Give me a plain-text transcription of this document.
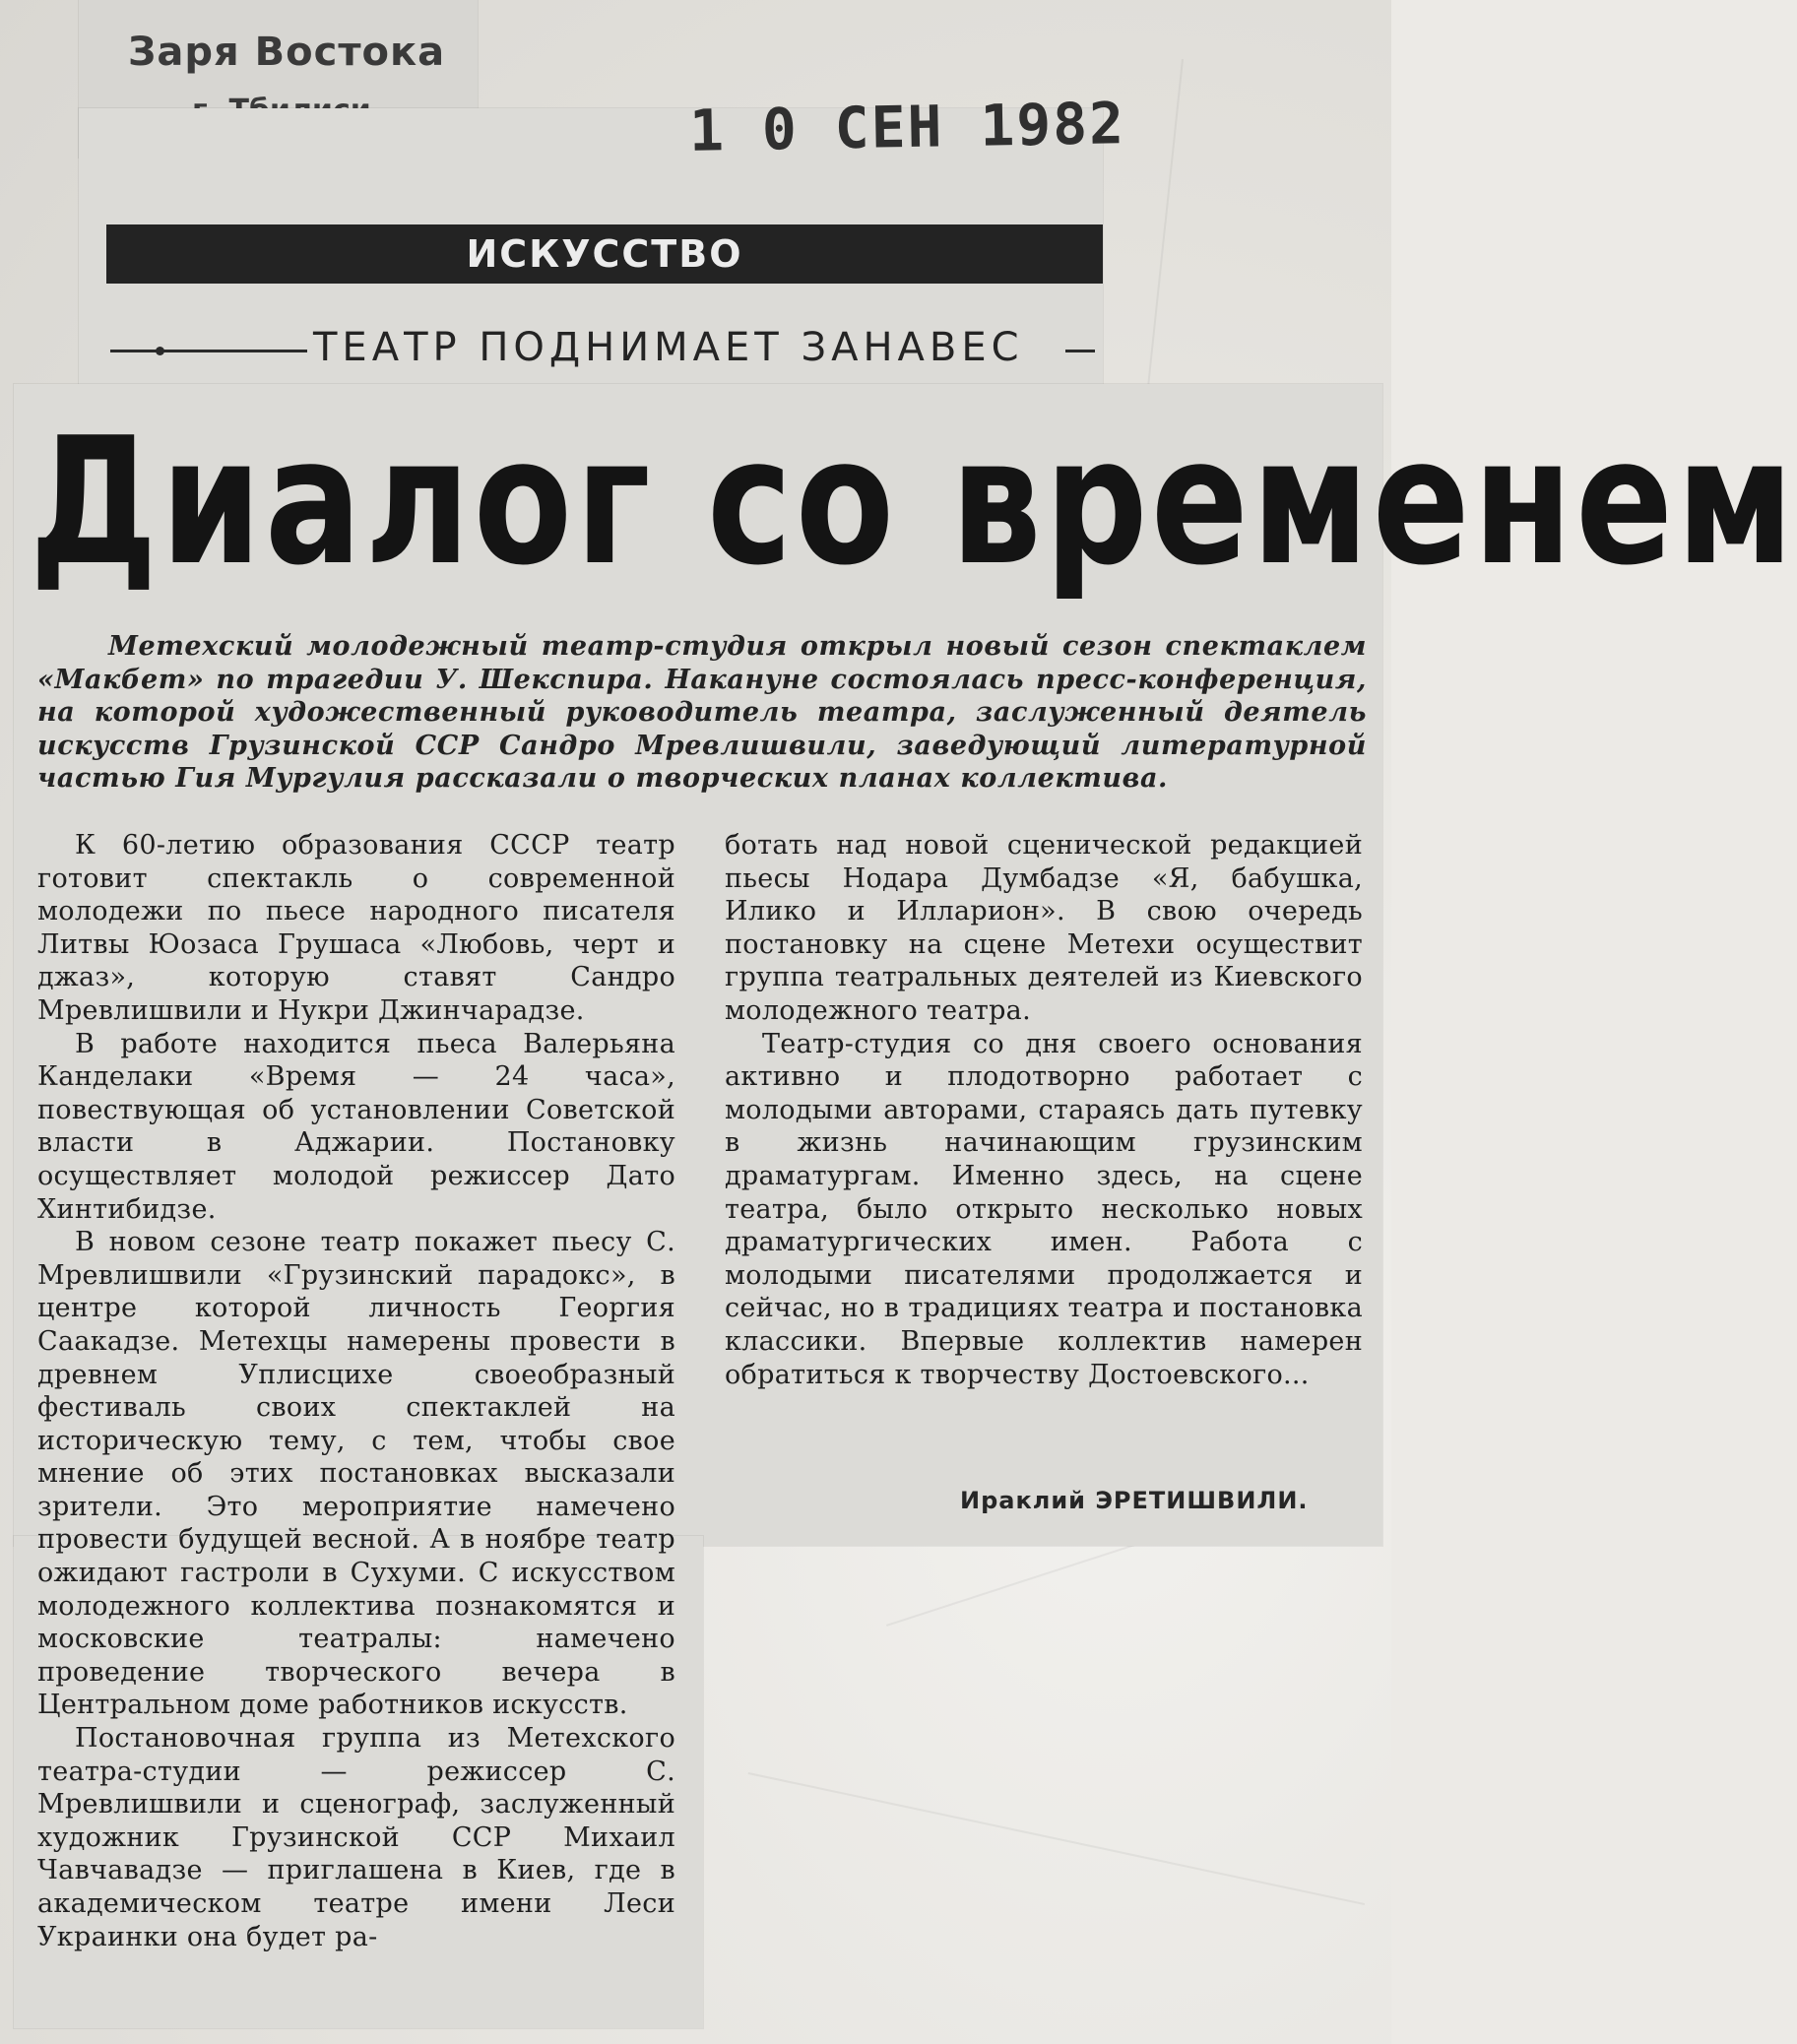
Заря Востока
1 0 СЕН 1982
ИСКУССТВО
ТЕАТР ПОДНИМАЕТ ЗАНАВЕС
Диалог со временем
Метехский молодежный театр-студия открыл новый сезон спектаклем «Макбет» по трагедии У. Шекспира. Накануне состоялась пресс-конференция, на которой художественный руководитель театра, заслуженный деятель искусств Грузинской ССР Сандро Мревлишвили, заведующий литературной частью Гия Мургулия рассказали о творческих планах коллектива.

К 60-летию образования СССР театр готовит спектакль о современной молодежи по пьесе народного писателя Литвы Юозаса Грушаса «Любовь, черт и джаз», которую ставят Сандро Мревлишвили и Нукри Джинчарадзе.

В работе находится пьеса Валерьяна Канделаки «Время — 24 часа», повествующая об установлении Советской власти в Аджарии. Постановку осуществляет молодой режиссер Дато Хинтибидзе.

В новом сезоне театр покажет пьесу С. Мревлишвили «Грузинский парадокс», в центре которой личность Георгия Саакадзе. Метехцы намерены провести в древнем Уплисцихе своеобразный фестиваль своих спектаклей на историческую тему, с тем, чтобы свое мнение об этих постановках высказали зрители. Это мероприятие намечено провести будущей весной. А в ноябре театр ожидают гастроли в Сухуми. С искусством молодежного коллектива познакомятся и московские театралы: намечено проведение творческого вечера в Центральном доме работников искусств.

Постановочная группа из Метехского театра-студии — режиссер С. Мревлишвили и сценограф, заслуженный художник Грузинской ССР Михаил Чавчавадзе — приглашена в Киев, где в академическом театре имени Леси Украинки она будет ра-

ботать над новой сценической редакцией пьесы Нодара Думбадзе «Я, бабушка, Илико и Илларион». В свою очередь постановку на сцене Метехи осуществит группа театральных деятелей из Киевского молодежного театра.

Театр-студия со дня своего основания активно и плодотворно работает с молодыми авторами, стараясь дать путевку в жизнь начинающим грузинским драматургам. Именно здесь, на сцене театра, было открыто несколько новых драматургических имен. Работа с молодыми писателями продолжается и сейчас, но в традициях театра и постановка классики. Впервые коллектив намерен обратиться к творчеству Достоевского...

Ираклий ЭРЕТИШВИЛИ.
